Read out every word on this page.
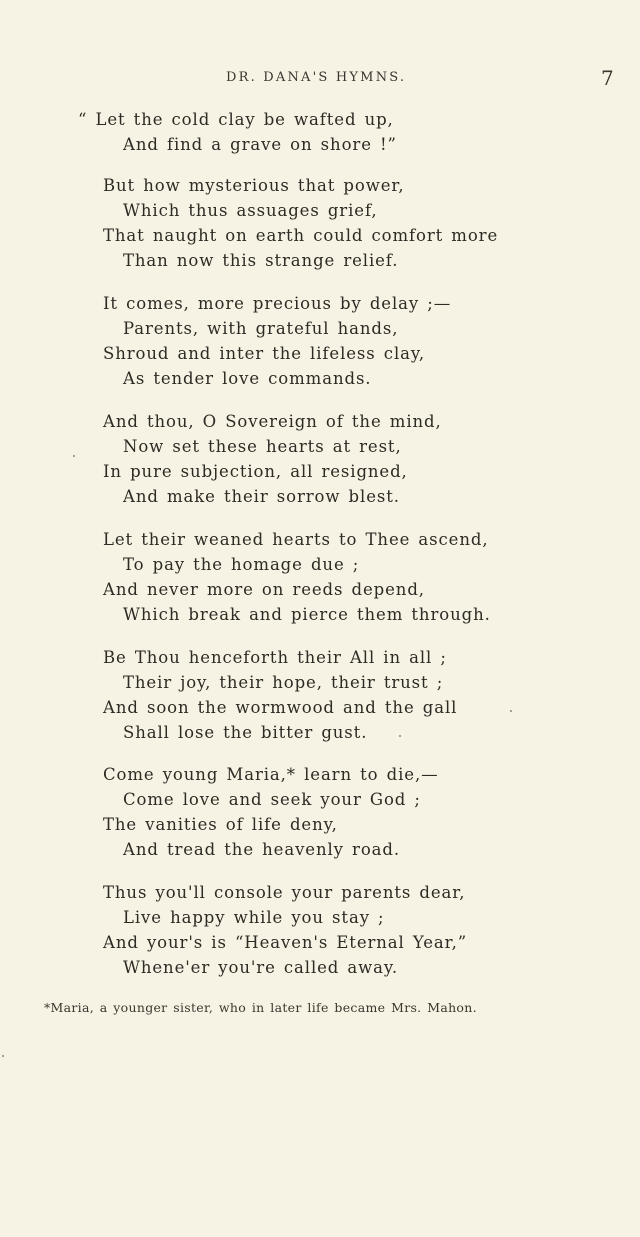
DR. DANA'S HYMNS.	7
“ Let the cold clay be wafted up,
And find a grave on shore !”
But how mysterious that power,
Which thus assuages grief,
That naught on earth could comfort more
Than now this strange relief.
It comes, more precious by delay ;—
Parents, with grateful hands,
Shroud and inter the lifeless clay,
As tender love commands.
And thou, O Sovereign of the mind,
Now set these hearts at rest,
In pure subjection, all resigned,
And make their sorrow blest.
Let their weaned hearts to Thee ascend,
To pay the homage due ;
And never more on reeds depend,
Which break and pierce them through.
Be Thou henceforth their All in all ;
Their joy, their hope, their trust ;
And soon the wormwood and the gall
Shall lose the bitter gust.
Come young Maria,* learn to die,—
Come love and seek your God ;
The vanities of life deny,
And tread the heavenly road.
Thus you'll console your parents dear,
Live happy while you stay ;
And your's is “Heaven's Eternal Year,”
Whene'er you're called away.
*Maria, a younger sister, who in later life became Mrs. Mahon.
